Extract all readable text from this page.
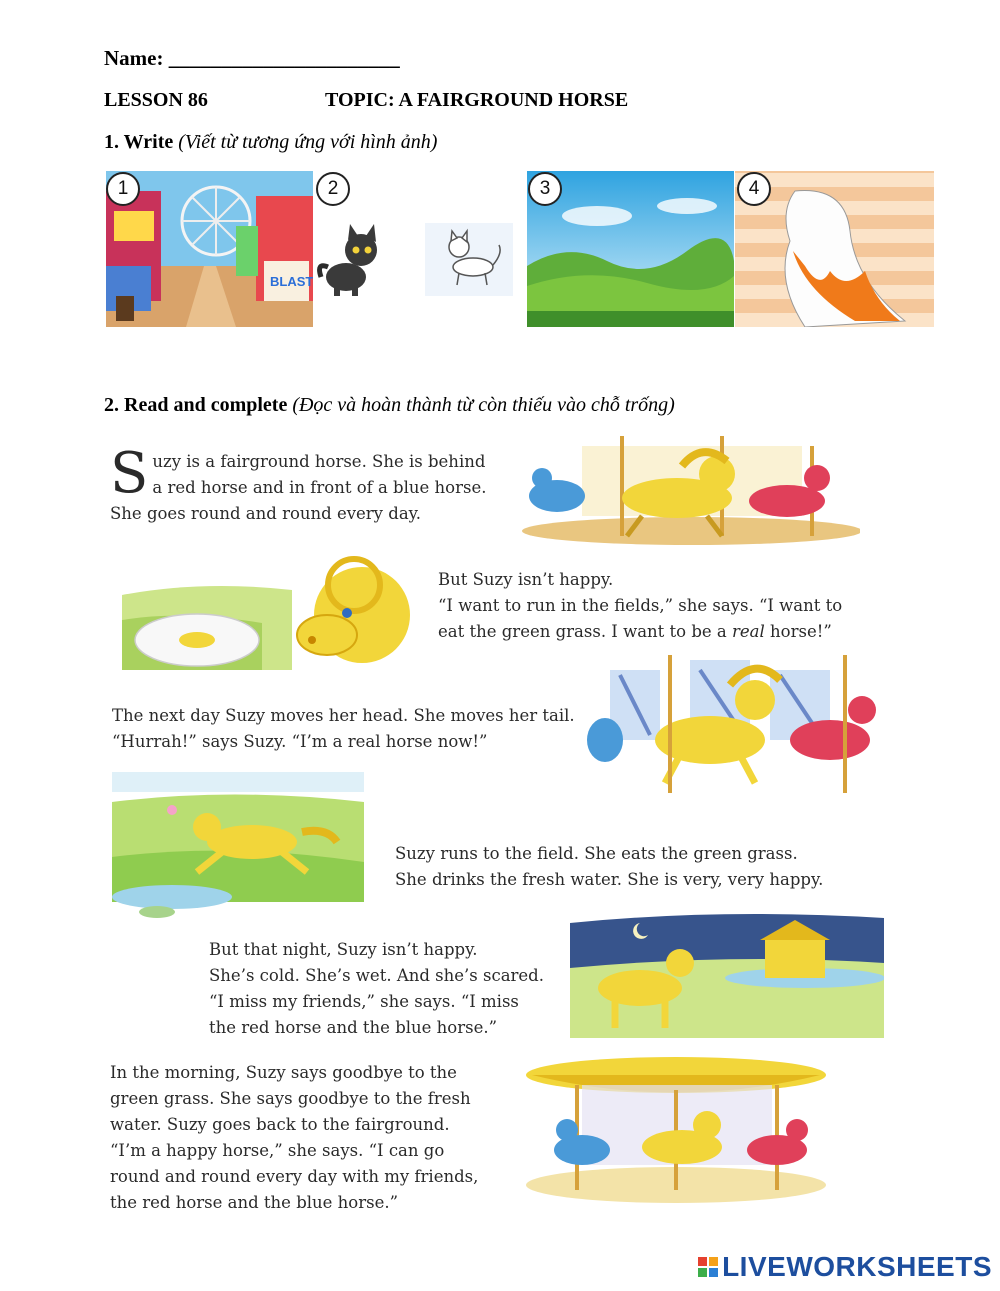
Name: ______________________
LESSON 86	TOPIC: A FAIRGROUND HORSE
1. Write (Viết từ tương ứng với hình ảnh)
BLAST
1	2	3	4
2. Read and complete (Đọc và hoàn thành từ còn thiếu vào chỗ trống)
S uzy is a fairground horse. She is behind
a red horse and in front of a blue horse.
She goes round and round every day.
But Suzy isn’t happy.
“I want to run in the fields,” she says. “I want to
eat the green grass. I want to be a real horse!”
The next day Suzy moves her head. She moves her tail.
“Hurrah!” says Suzy. “I’m a real horse now!”
Suzy runs to the field. She eats the green grass.
She drinks the fresh water. She is very, very happy.
But that night, Suzy isn’t happy.
She’s cold. She’s wet. And she’s scared.
“I miss my friends,” she says. “I miss
the red horse and the blue horse.”
In the morning, Suzy says goodbye to the
green grass. She says goodbye to the fresh
water. Suzy goes back to the fairground.
“I’m a happy horse,” she says. “I can go
round and round every day with my friends,
the red horse and the blue horse.”
LIVEWORKSHEETS
